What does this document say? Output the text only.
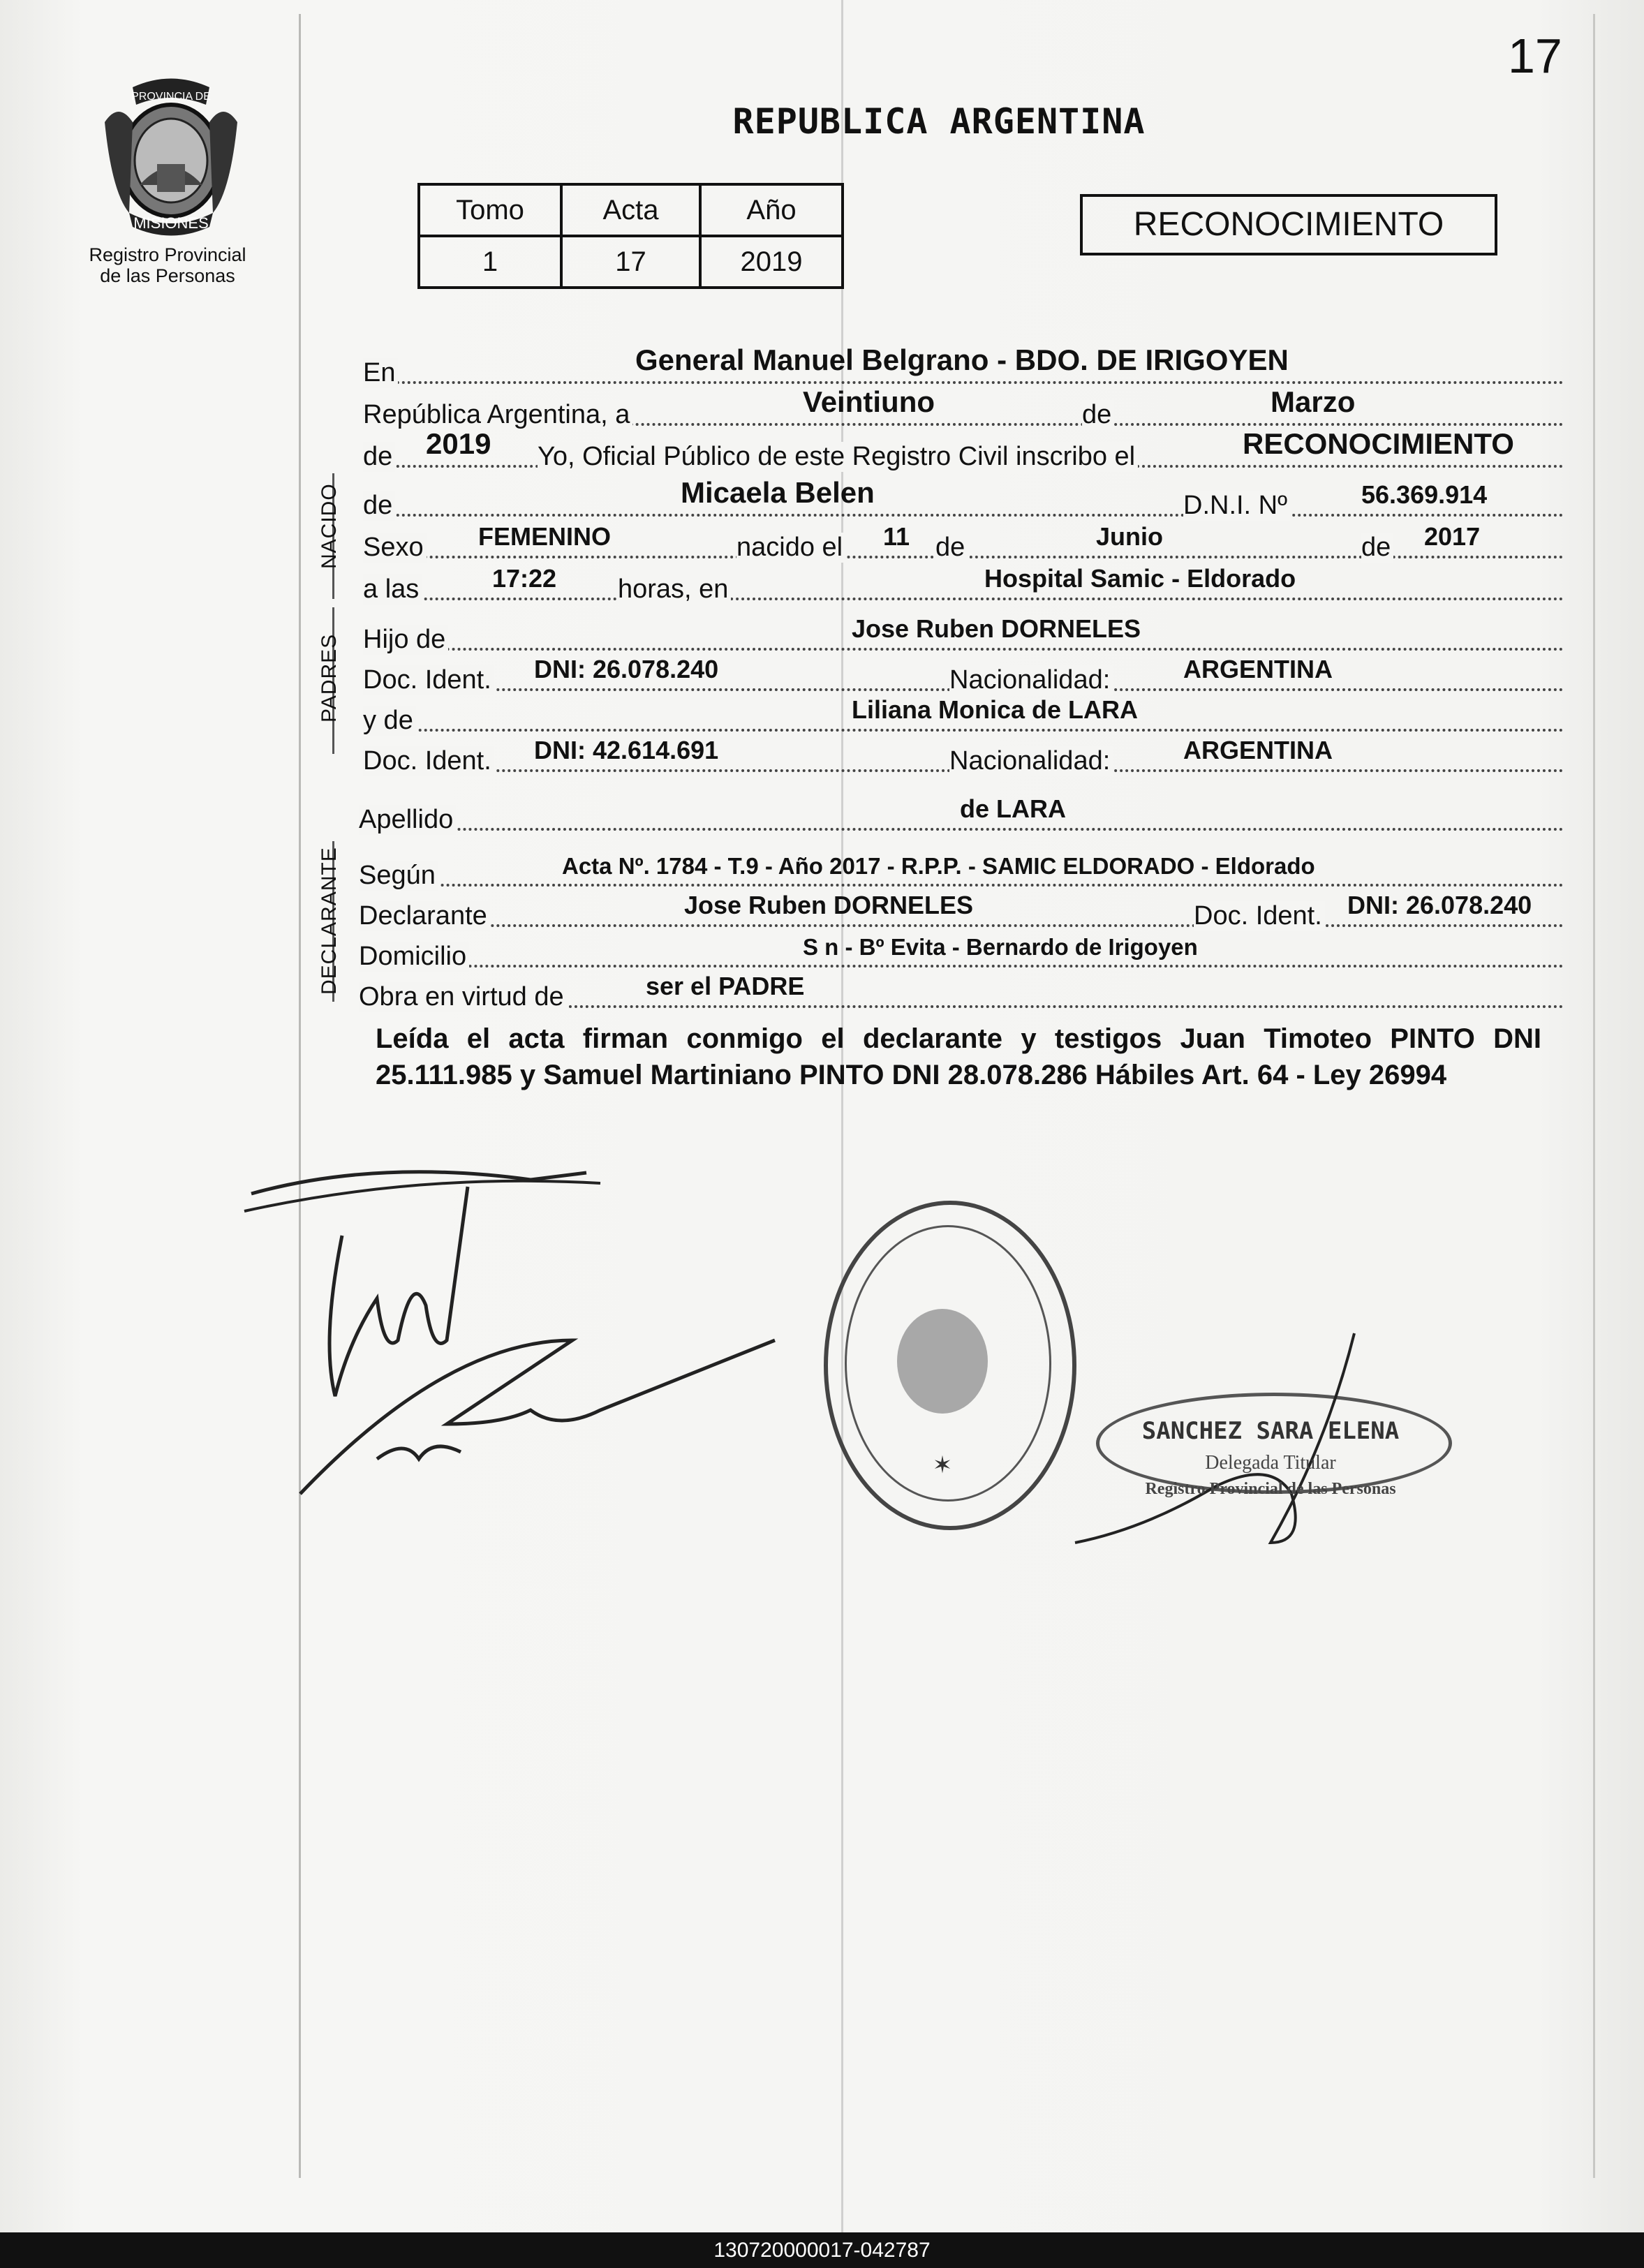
17
PROVINCIA DE
MISIONES
Registro Provincial
de las Personas
REPUBLICA ARGENTINA
Tomo	Acta	Año
1	17	2019
RECONOCIMIENTO
En	General Manuel Belgrano - BDO. DE IRIGOYEN
República Argentina, a	Veintiuno	de	Marzo
de 2019 Yo, Oficial Público de este Registro Civil inscribo el	RECONOCIMIENTO
NACIDO de	Micaela Belen	D.N.I. Nº	56.369.914
Sexo FEMENINO	nacido el 11 de	Junio	de 2017
a las	17:22 horas, en	Hospital Samic - Eldorado
PADRES Hijo de	Jose Ruben DORNELES
Doc. Ident. DNI: 26.078.240	Nacionalidad:	ARGENTINA
y de	Liliana Monica de LARA
Doc. Ident. DNI: 42.614.691	Nacionalidad:	ARGENTINA
Apellido	de LARA
DECLARANTE Según	Acta Nº. 1784 - T.9 - Año 2017 - R.P.P. - SAMIC ELDORADO - Eldorado
Declarante	Jose Ruben DORNELES	Doc. Ident. DNI: 26.078.240
Domicilio	S n - Bº Evita - Bernardo de Irigoyen
Obra en virtud de	ser el PADRE
Leída el acta firman conmigo el declarante y testigos Juan Timoteo PINTO DNI 25.111.985 y Samuel Martiniano PINTO DNI 28.078.286 Hábiles Art. 64 - Ley 26994
✶
SANCHEZ SARA ELENA
Delegada Titular
Registro Provincial de las Personas
130720000017-042787
